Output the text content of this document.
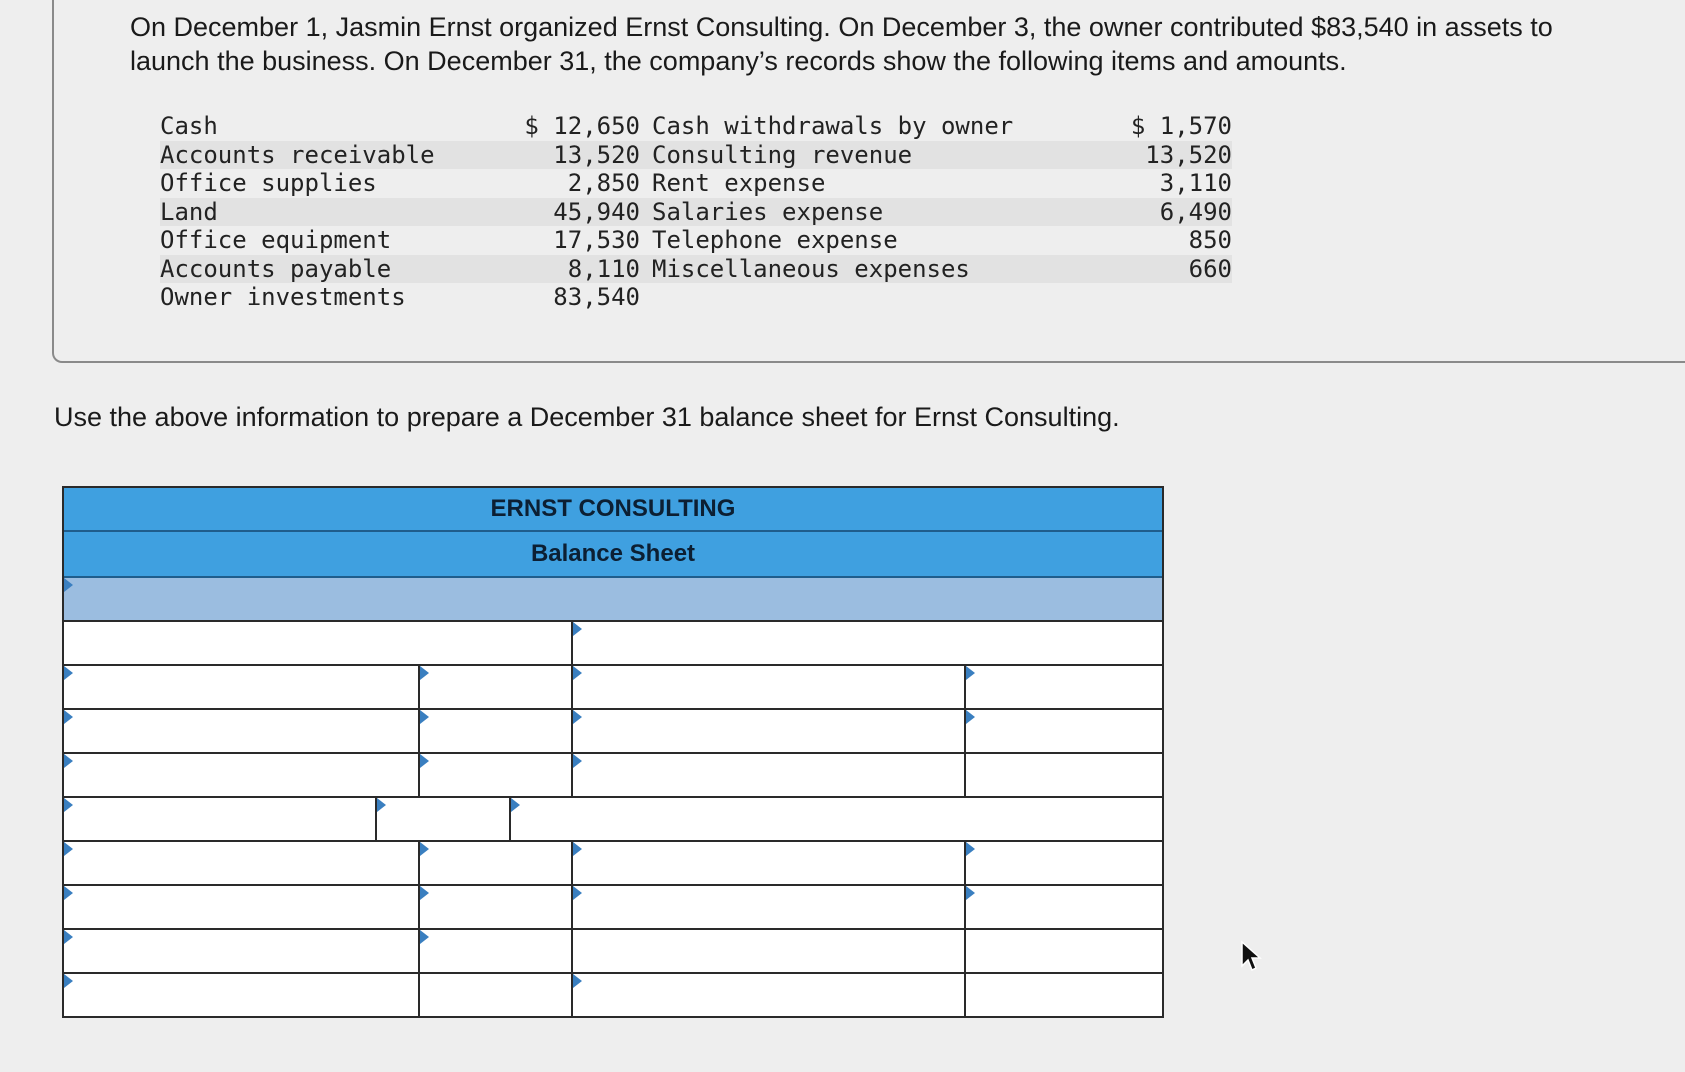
On December 1, Jasmin Ernst organized Ernst Consulting. On December 3, the owner contributed $83,540 in assets to
launch the business. On December 31, the company’s records show the following items and amounts.
Cash	$ 12,650 Cash withdrawals by owner	$ 1,570
Accounts receivable	13,520 Consulting revenue	13,520
Office supplies	2,850 Rent expense	3,110
Land	45,940 Salaries expense	6,490
Office equipment	17,530 Telephone expense	850
Accounts payable	8,110 Miscellaneous expenses	660
Owner investments	83,540
Use the above information to prepare a December 31 balance sheet for Ernst Consulting.
ERNST CONSULTING
Balance Sheet
